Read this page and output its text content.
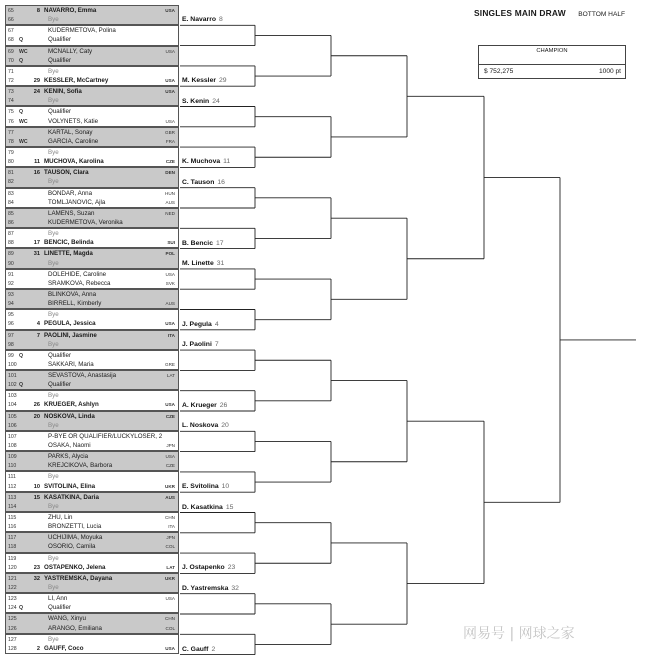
SINGLES MAIN DRAW BOTTOM HALF
CHAMPION
$ 752,275	1000 pt
65	8 NAVARRO, Emma	USA
66	Bye
67	KUDERMETOVA, Polina
68	Q	Qualifier
69	WC	MCNALLY, Caty	USA
70	Q	Qualifier
71	Bye
72	29 KESSLER, McCartney	USA
73	24 KENIN, Sofia	USA
74	Bye
75	Q	Qualifier
76	WC	VOLYNETS, Katie	USA
77	KARTAL, Sonay	GBR
78	WC	GARCIA, Caroline	FRA
79	Bye
80	11 MUCHOVA, Karolina	CZE
81	16 TAUSON, Clara	DEN
82	Bye
83	BONDAR, Anna	HUN
84	TOMLJANOVIC, Ajla	AUS
85	LAMENS, Suzan	NED
86	KUDERMETOVA, Veronika
87	Bye
88	17 BENCIC, Belinda	SUI
89	31 LINETTE, Magda	POL
90	Bye
91	DOLEHIDE, Caroline	USA
92	SRAMKOVA, Rebecca	SVK
93	BLINKOVA, Anna
94	BIRRELL, Kimberly	AUS
95	Bye
96	4 PEGULA, Jessica	USA
97	7 PAOLINI, Jasmine	ITA
98	Bye
99	Q	Qualifier
100	SAKKARI, Maria	GRE
101	SEVASTOVA, Anastasija	LAT
102 Q	Qualifier
103	Bye
104	26 KRUEGER, Ashlyn	USA
105	20 NOSKOVA, Linda	CZE
106	Bye
107	P-BYE OR QUALIFIER/LUCKYLOSER, 2
108	OSAKA, Naomi	JPN
109	PARKS, Alycia	USA
110	KREJCIKOVA, Barbora	CZE
111	Bye
112	10 SVITOLINA, Elina	UKR
113	15 KASATKINA, Daria	AUS
114	Bye
115	ZHU, Lin	CHN
116	BRONZETTI, Lucia	ITA
117	UCHIJIMA, Moyuka	JPN
118	OSORIO, Camila	COL
119	Bye
120	23 OSTAPENKO, Jelena	LAT
121	32 YASTREMSKA, Dayana	UKR
122	Bye
123	LI, Ann	USA
124 Q	Qualifier
125	WANG, Xinyu	CHN
126	ARANGO, Emiliana	COL
127	Bye
128	2 GAUFF, Coco	USA
E. Navarro 8
M. Kessler 29
S. Kenin 24
K. Muchova 11
C. Tauson 16
B. Bencic 17
M. Linette 31
J. Pegula 4
J. Paolini 7
A. Krueger 26
L. Noskova 20
E. Svitolina 10
D. Kasatkina 15
J. Ostapenko 23
D. Yastremska 32
C. Gauff 2
网易号 | 网球之家
